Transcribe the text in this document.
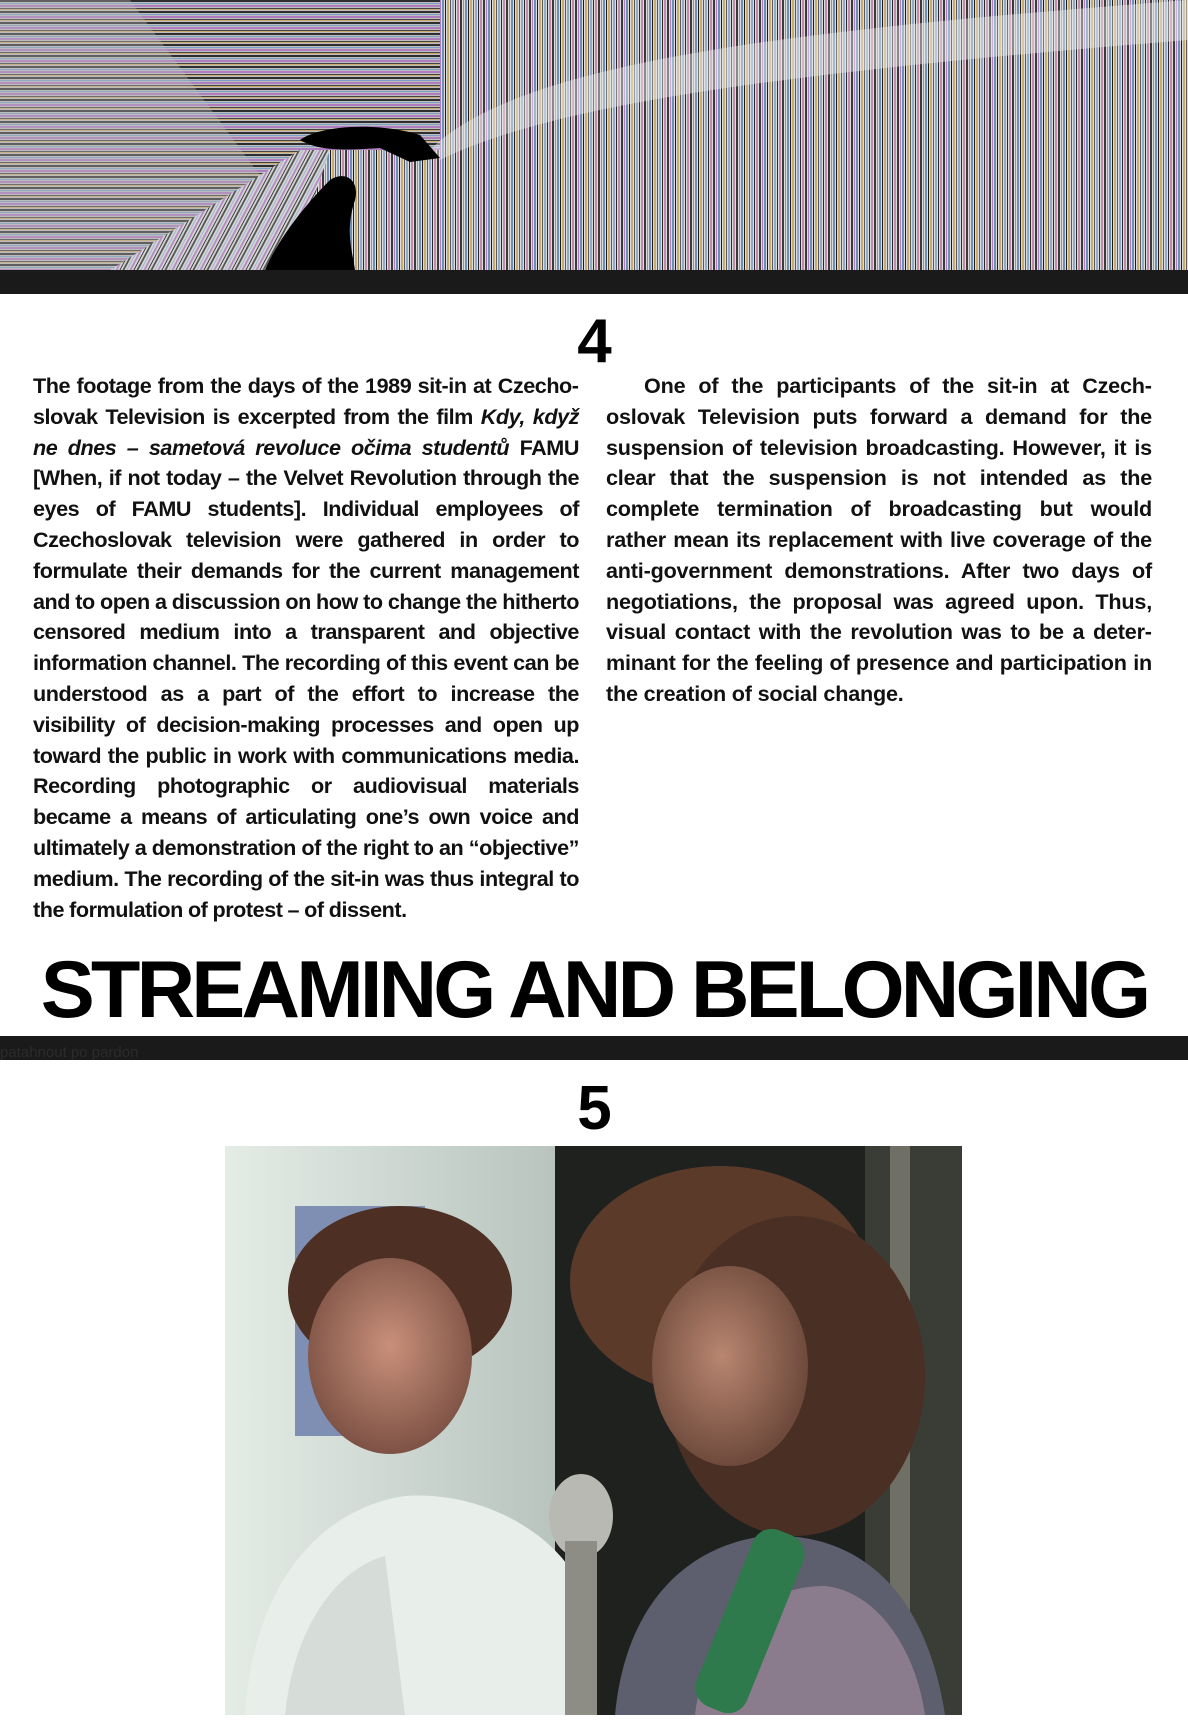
4

The footage from the days of the 1989 sit-in at Czechoslovak Television is excerpted from the film Kdy, když ne dnes – sametová revoluce očima studentů FAMU [When, if not today – the Velvet Revolution through the eyes of FAMU students]. Individual employees of Czechoslovak television were gathered in order to formulate their demands for the current management and to open a discussion on how to change the hitherto censored medium into a transparent and objective information channel. The recording of this event can be understood as a part of the effort to increase the visibility of decision-making processes and open up toward the public in work with communications media. Recording photographic or audiovisual materials became a means of articulating one’s own voice and ultimately a demonstration of the right to an “objective” medium. The recording of the sit-in was thus integral to the formulation of protest – of dissent.

One of the participants of the sit-in at Czechoslovak Television puts forward a demand for the suspension of television broadcasting. However, it is clear that the suspension is not intended as the complete termination of broadcasting but would rather mean its replacement with live coverage of the anti-government demonstrations. After two days of negotiations, the proposal was agreed upon. Thus, visual contact with the revolution was to be a determinant for the feeling of presence and participation in the creation of social change.

STREAMING AND BELONGING
patahnout po pardon
5
